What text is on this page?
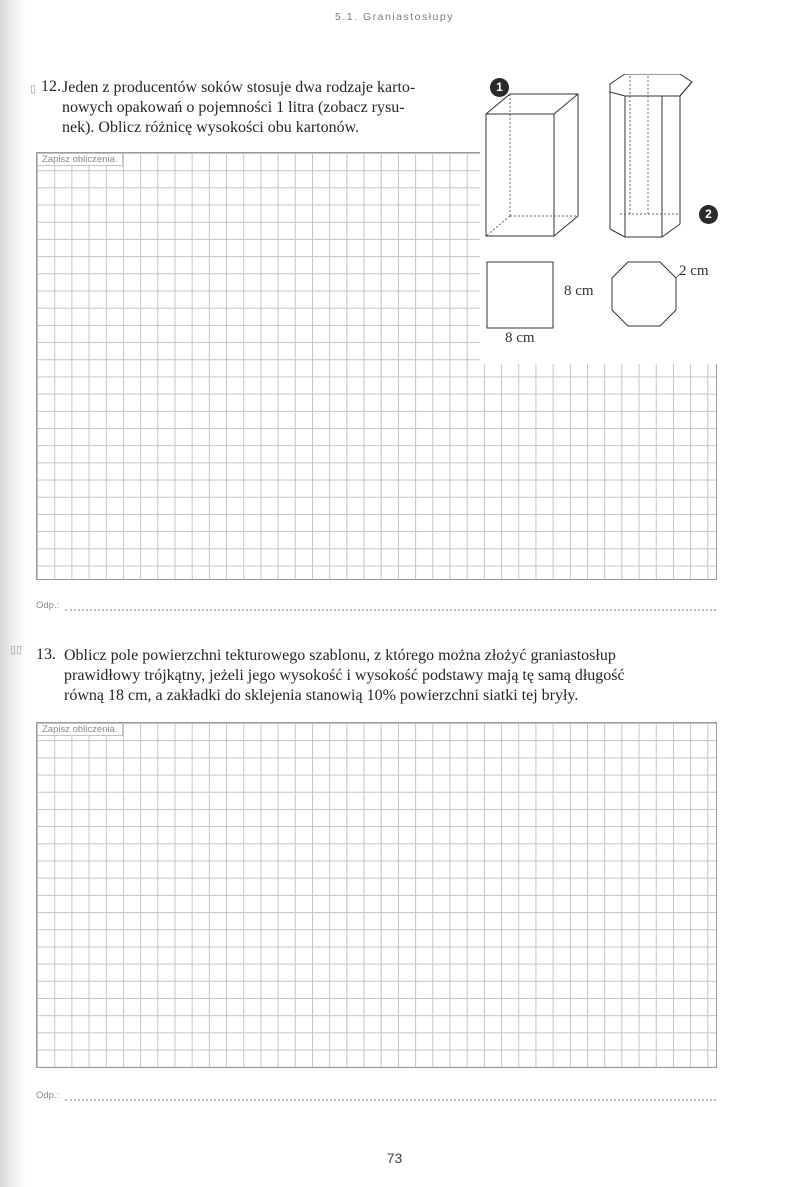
5.1. Graniastosłupy
▯ 12. Jeden z producentów soków stosuje dwa rodzaje karto-
nowych opakowań o pojemności 1 litra (zobacz rysu-
nek). Oblicz różnicę wysokości obu kartonów.
Zapisz obliczenia.
1
2
8 cm
2 cm
8 cm
Odp.:
▯▯ 13. Oblicz pole powierzchni tekturowego szablonu, z którego można złożyć graniastosłup
prawidłowy trójkątny, jeżeli jego wysokość i wysokość podstawy mają tę samą długość
równą 18 cm, a zakładki do sklejenia stanowią 10% powierzchni siatki tej bryły.
Zapisz obliczenia.
Odp.:
73
